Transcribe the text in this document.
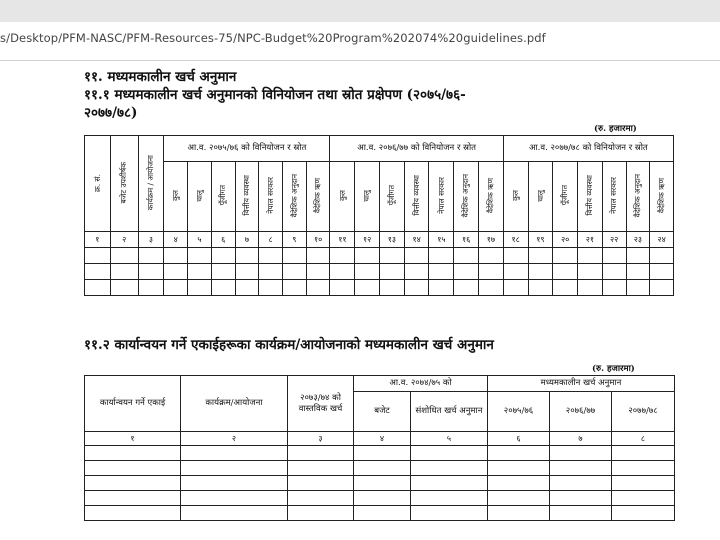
s/Desktop/PFM-NASC/PFM-Resources-75/NPC-Budget%20Program%202074%20guidelines.pdf
११. मध्यमकालीन खर्च अनुमान
११.१ मध्यमकालीन खर्च अनुमानको विनियोजन तथा स्रोत प्रक्षेपण (२०७५/७६-
२०७७/७८)
(रु. हजारमा)
क्र. सं.	बजेट उपशीर्षक	कार्यक्रम / आयोजना	आ.व. २०७५/७६ को विनियोजन र स्रोत							आ.व. २०७६/७७ को विनियोजन र स्रोत							आ.व. २०७७/७८ को विनियोजन र स्रोत						
			कुल	चालु	पूँजीगत	वित्तीय व्यवस्था	नेपाल सरकार	वैदेशिक अनुदान	वैदेशिक ऋण	कुल	चालु	पूँजीगत	वित्तीय व्यवस्था	नेपाल सरकार	वैदेशिक अनुदान	वैदेशिक ऋण	कुल	चालु	पूँजीगत	वित्तीय व्यवस्था	नेपाल सरकार	वैदेशिक अनुदान	वैदेशिक ऋण
१	२	३	४	५	६	७	८	९	१०	११	१२	१३	१४	१५	१६	१७	१८	१९	२०	२१	२२	२३	२४

११.२ कार्यान्वयन गर्ने एकाईहरूका कार्यक्रम/आयोजनाको मध्यमकालीन खर्च अनुमान
(रु. हजारमा)
कार्यान्वयन गर्ने एकाई	कार्यक्रम/आयोजना	२०७३/७४ को वास्तविक खर्च	आ.व. २०७४/७५ को		मध्यमकालीन खर्च अनुमान		
			बजेट	संशोधित खर्च अनुमान	२०७५/७६	२०७६/७७	२०७७/७८
१	२	३	४	५	६	७	८
